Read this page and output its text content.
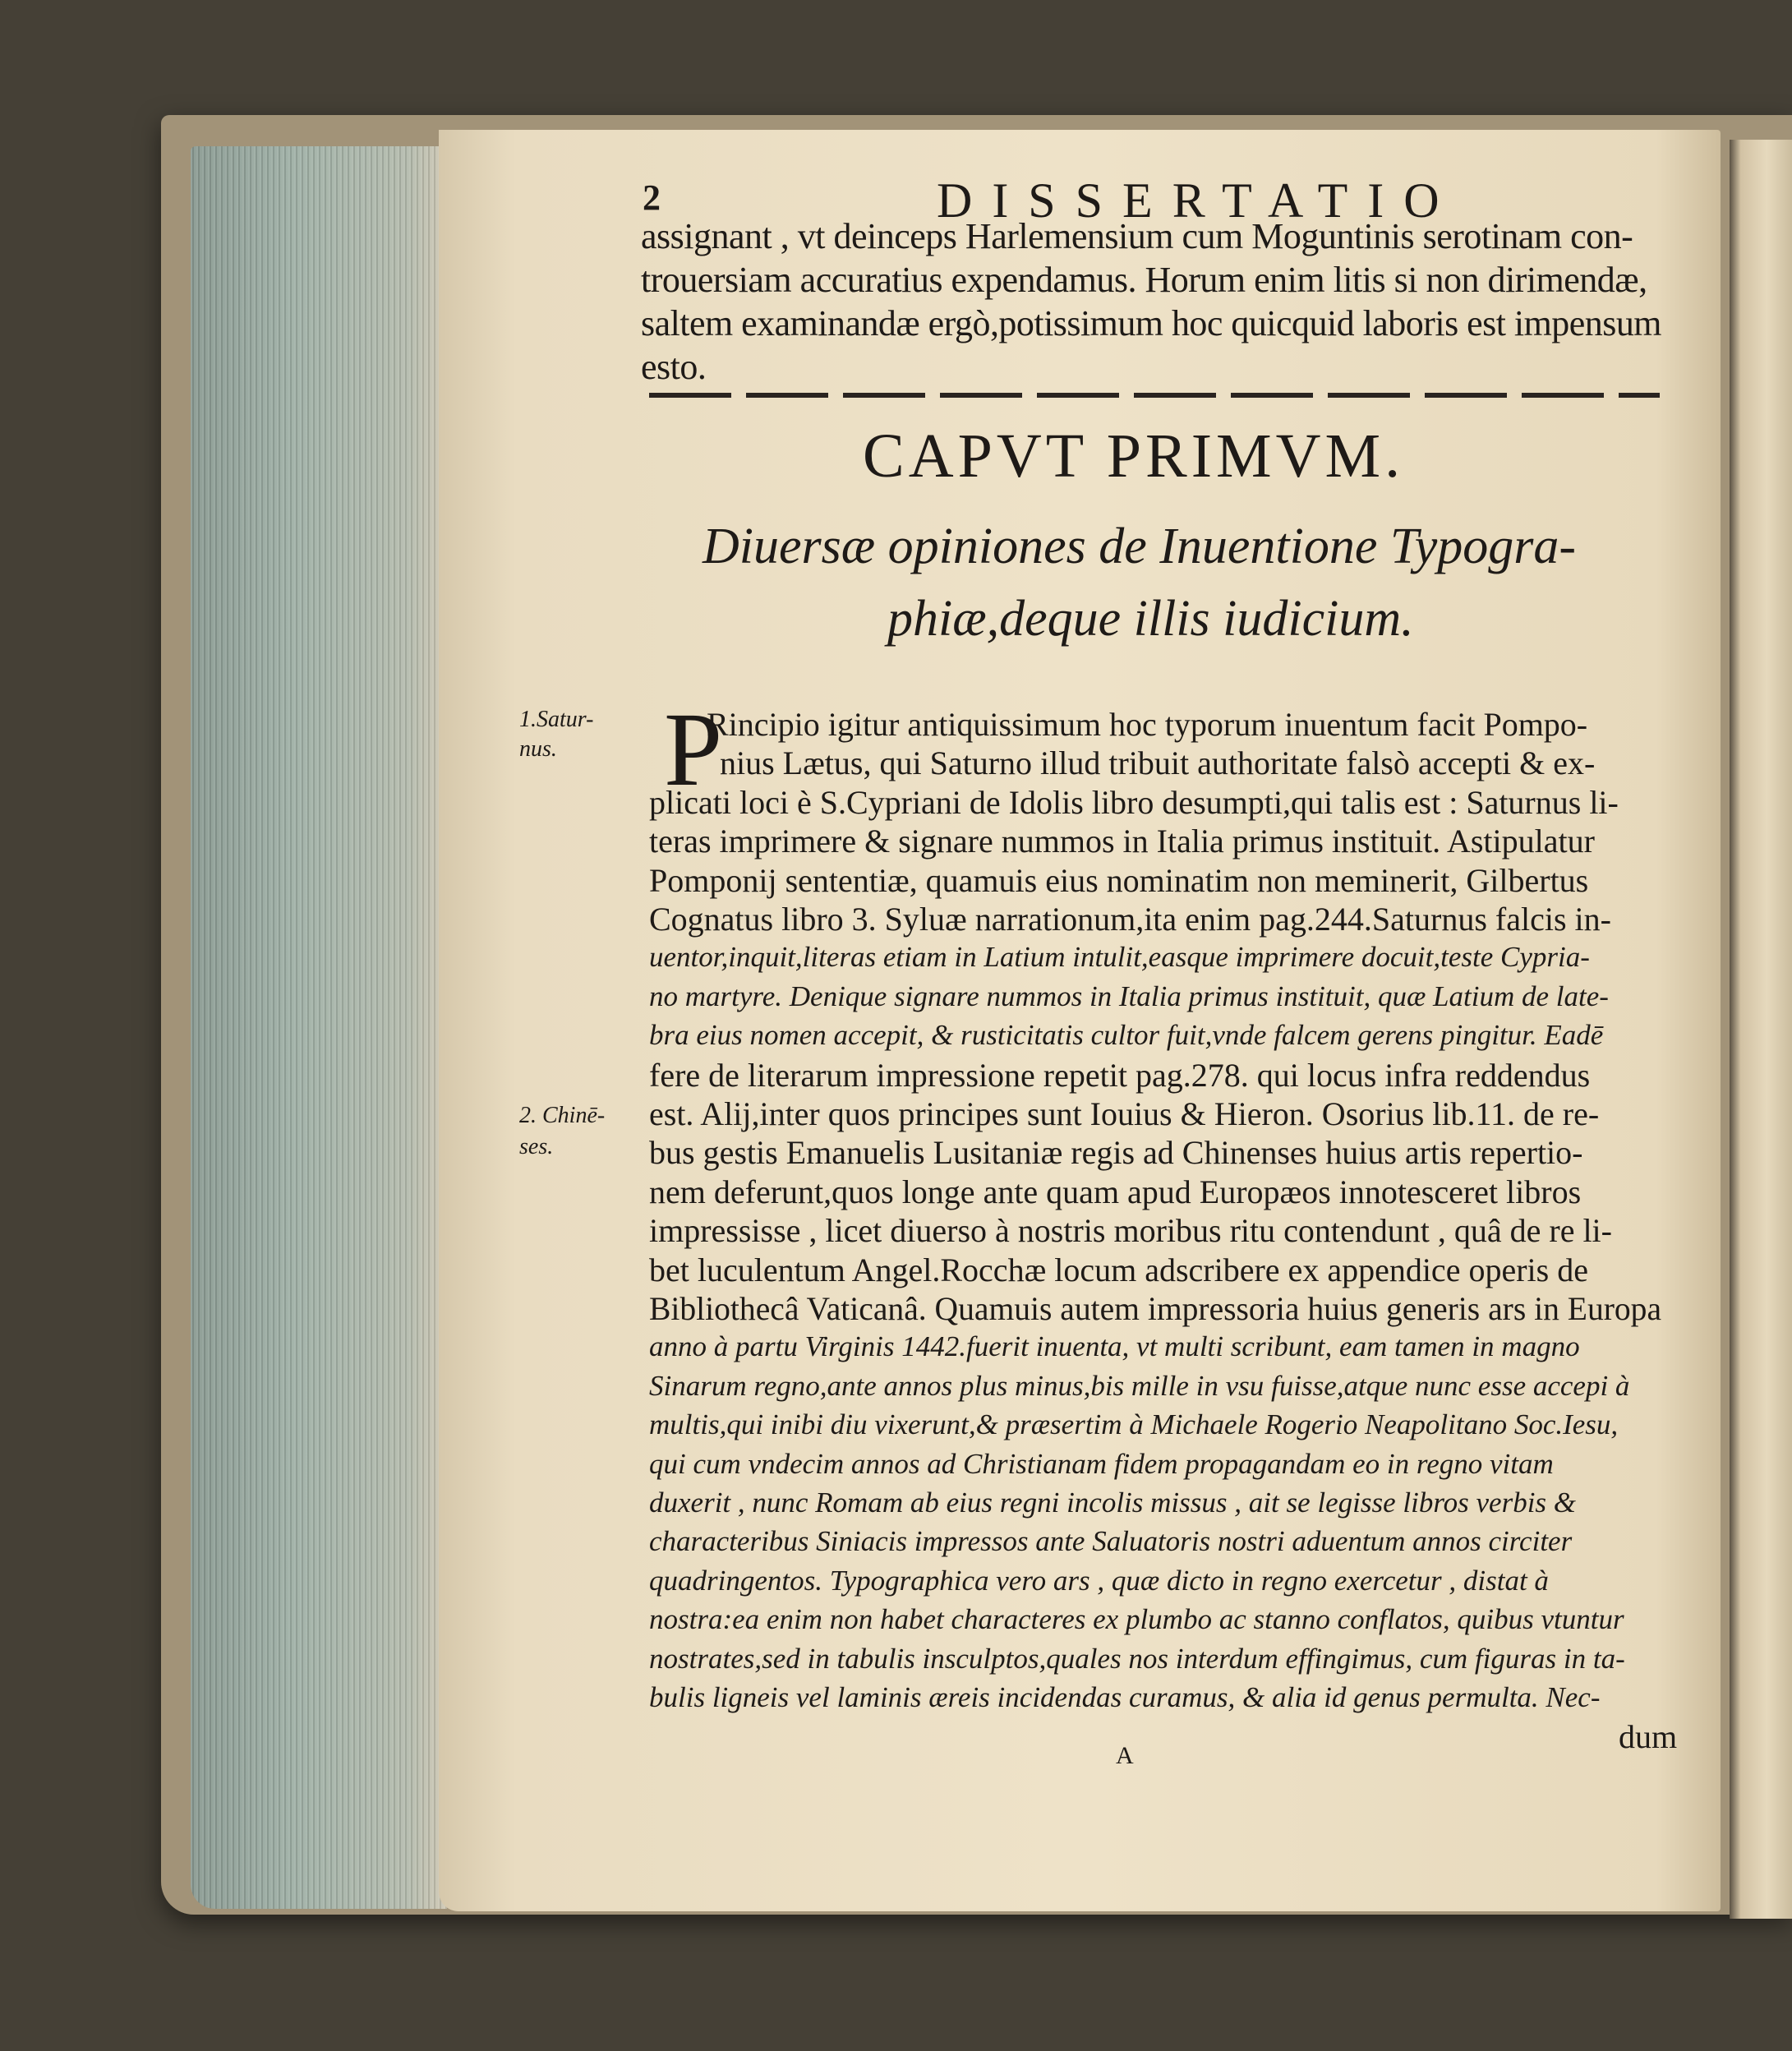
2	DISSERTATIO
assignant , vt deinceps Harlemensium cum Moguntinis serotinam con-
trouersiam accuratius expendamus. Horum enim litis si non dirimendæ,
saltem examinandæ ergò,potissimum hoc quicquid laboris est impensum
esto.
CAPVT PRIMVM.
Diuersæ opiniones de Inuentione Typogra-
phiæ,deque illis iudicium.
1.Satur-
nus.
2. Chinē-
ses.
P
Rincipio igitur antiquissimum hoc typorum inuentum facit Pompo-
nius Lætus, qui Saturno illud tribuit authoritate falsò accepti & ex-
plicati loci è S.Cypriani de Idolis libro desumpti,qui talis est : Saturnus li-
teras imprimere & signare nummos in Italia primus instituit. Astipulatur
Pomponij sententiæ, quamuis eius nominatim non meminerit, Gilbertus
Cognatus libro 3. Syluæ narrationum,ita enim pag.244.Saturnus falcis in-
uentor,inquit,literas etiam in Latium intulit,easque imprimere docuit,teste Cypria-
no martyre. Denique signare nummos in Italia primus instituit, quæ Latium de late-
bra eius nomen accepit, & rusticitatis cultor fuit,vnde falcem gerens pingitur. Eadē
fere de literarum impressione repetit pag.278. qui locus infra reddendus
est. Alij,inter quos principes sunt Iouius & Hieron. Osorius lib.11. de re-
bus gestis Emanuelis Lusitaniæ regis ad Chinenses huius artis repertio-
nem deferunt,quos longe ante quam apud Europæos innotesceret libros
impressisse , licet diuerso à nostris moribus ritu contendunt , quâ de re li-
bet luculentum Angel.Rocchæ locum adscribere ex appendice operis de
Bibliothecâ Vaticanâ. Quamuis autem impressoria huius generis ars in Europa
anno à partu Virginis 1442.fuerit inuenta, vt multi scribunt, eam tamen in magno
Sinarum regno,ante annos plus minus,bis mille in vsu fuisse,atque nunc esse accepi à
multis,qui inibi diu vixerunt,& præsertim à Michaele Rogerio Neapolitano Soc.Iesu,
qui cum vndecim annos ad Christianam fidem propagandam eo in regno vitam
duxerit , nunc Romam ab eius regni incolis missus , ait se legisse libros verbis &
characteribus Siniacis impressos ante Saluatoris nostri aduentum annos circiter
quadringentos. Typographica vero ars , quæ dicto in regno exercetur , distat à
nostra:ea enim non habet characteres ex plumbo ac stanno conflatos, quibus vtuntur
nostrates,sed in tabulis insculptos,quales nos interdum effingimus, cum figuras in ta-
bulis ligneis vel laminis æreis incidendas curamus, & alia id genus permulta. Nec-
dum
A
